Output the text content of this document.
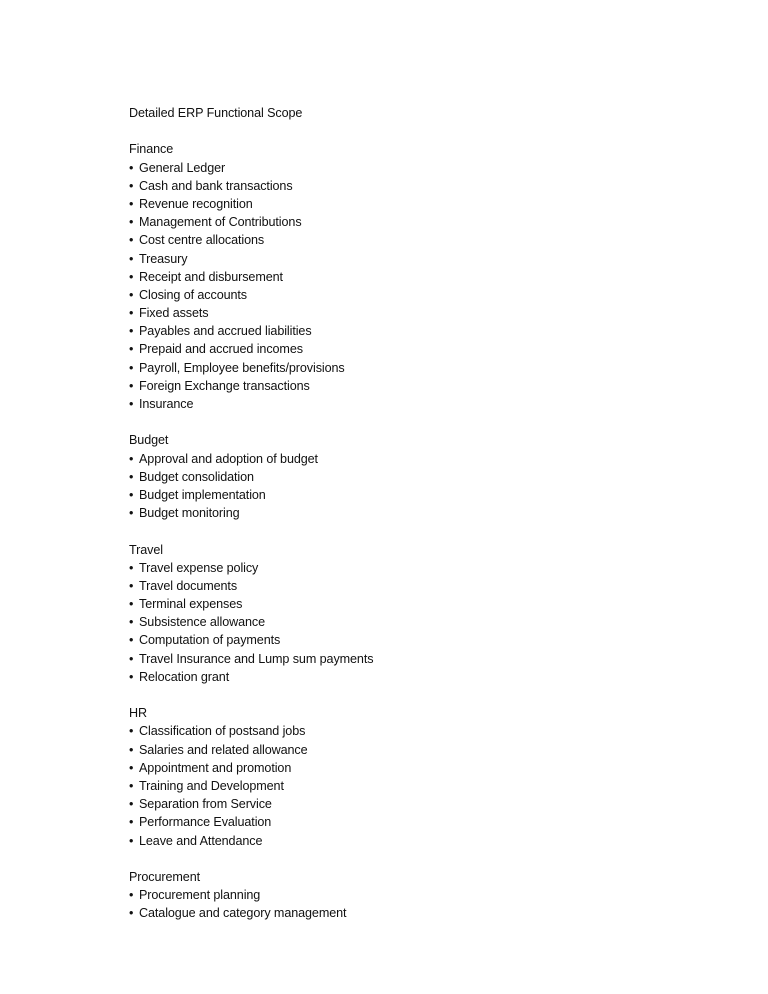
Detailed ERP Functional Scope
Finance
• General Ledger
• Cash and bank transactions
• Revenue recognition
• Management of Contributions
• Cost centre allocations
• Treasury
• Receipt and disbursement
• Closing of accounts
• Fixed assets
• Payables and accrued liabilities
• Prepaid and accrued incomes
• Payroll, Employee benefits/provisions
• Foreign Exchange transactions
• Insurance
Budget
• Approval and adoption of budget
• Budget consolidation
• Budget implementation
• Budget monitoring
Travel
• Travel expense policy
• Travel documents
• Terminal expenses
• Subsistence allowance
• Computation of payments
• Travel Insurance and Lump sum payments
• Relocation grant
HR
• Classification of postsand jobs
• Salaries and related allowance
• Appointment and promotion
• Training and Development
• Separation from Service
• Performance Evaluation
• Leave and Attendance
Procurement
• Procurement planning
• Catalogue and category management
